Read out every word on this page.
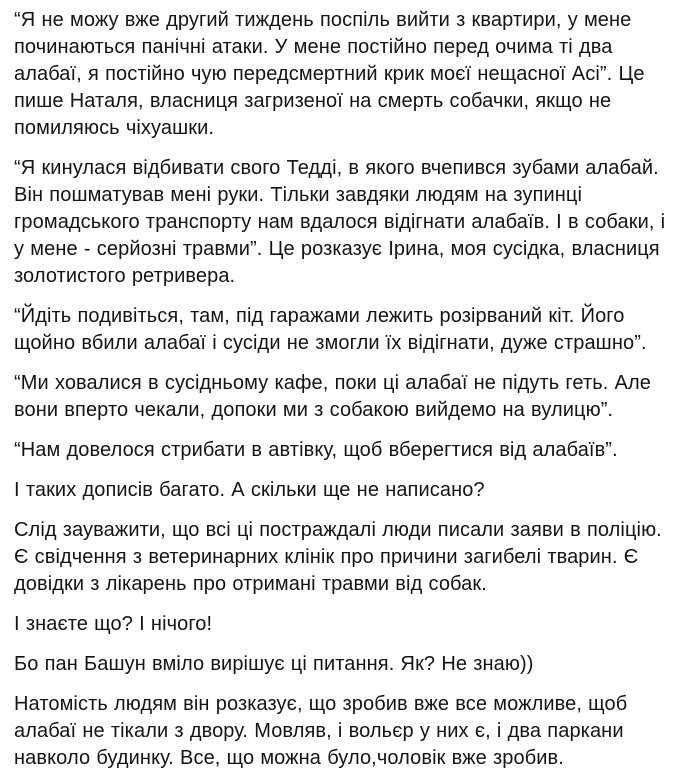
“Я не можу вже другий тиждень поспіль вийти з квартири, у мене починаються панічні атаки. У мене постійно перед очима ті два алабаї, я постійно чую передсмертний крик моєї нещасної Асі”. Це пише Наталя, власниця загризеної на смерть собачки, якщо не помиляюсь чіхуашки.

“Я кинулася відбивати свого Тедді, в якого вчепився зубами алабай. Він пошматував мені руки. Тільки завдяки людям на зупинці громадського транспорту нам вдалося відігнати алабаїв. І в собаки, і у мене - серйозні травми”. Це розказує Ірина, моя сусідка, власниця золотистого ретривера.

“Йдіть подивіться, там, під гаражами лежить розірваний кіт. Його щойно вбили алабаї і сусіди не змогли їх відігнати, дуже страшно”.

“Ми ховалися в сусідньому кафе, поки ці алабаї не підуть геть. Але вони вперто чекали, допоки ми з собакою вийдемо на вулицю”.

“Нам довелося стрибати в автівку, щоб вберегтися від алабаїв”.

І таких дописів багато. А скільки ще не написано?

Слід зауважити, що всі ці постраждалі люди писали заяви в поліцію. Є свідчення з ветеринарних клінік про причини загибелі тварин. Є довідки з лікарень про отримані травми від собак.

І знаєте що? І нічого!

Бо пан Башун вміло вирішує ці питання. Як? Не знаю))

Натомість людям він розказує, що зробив вже все можливе, щоб алабаї не тікали з двору. Мовляв, і вольєр у них є, і два паркани навколо будинку. Все, що можна було,чоловік вже зробив.
